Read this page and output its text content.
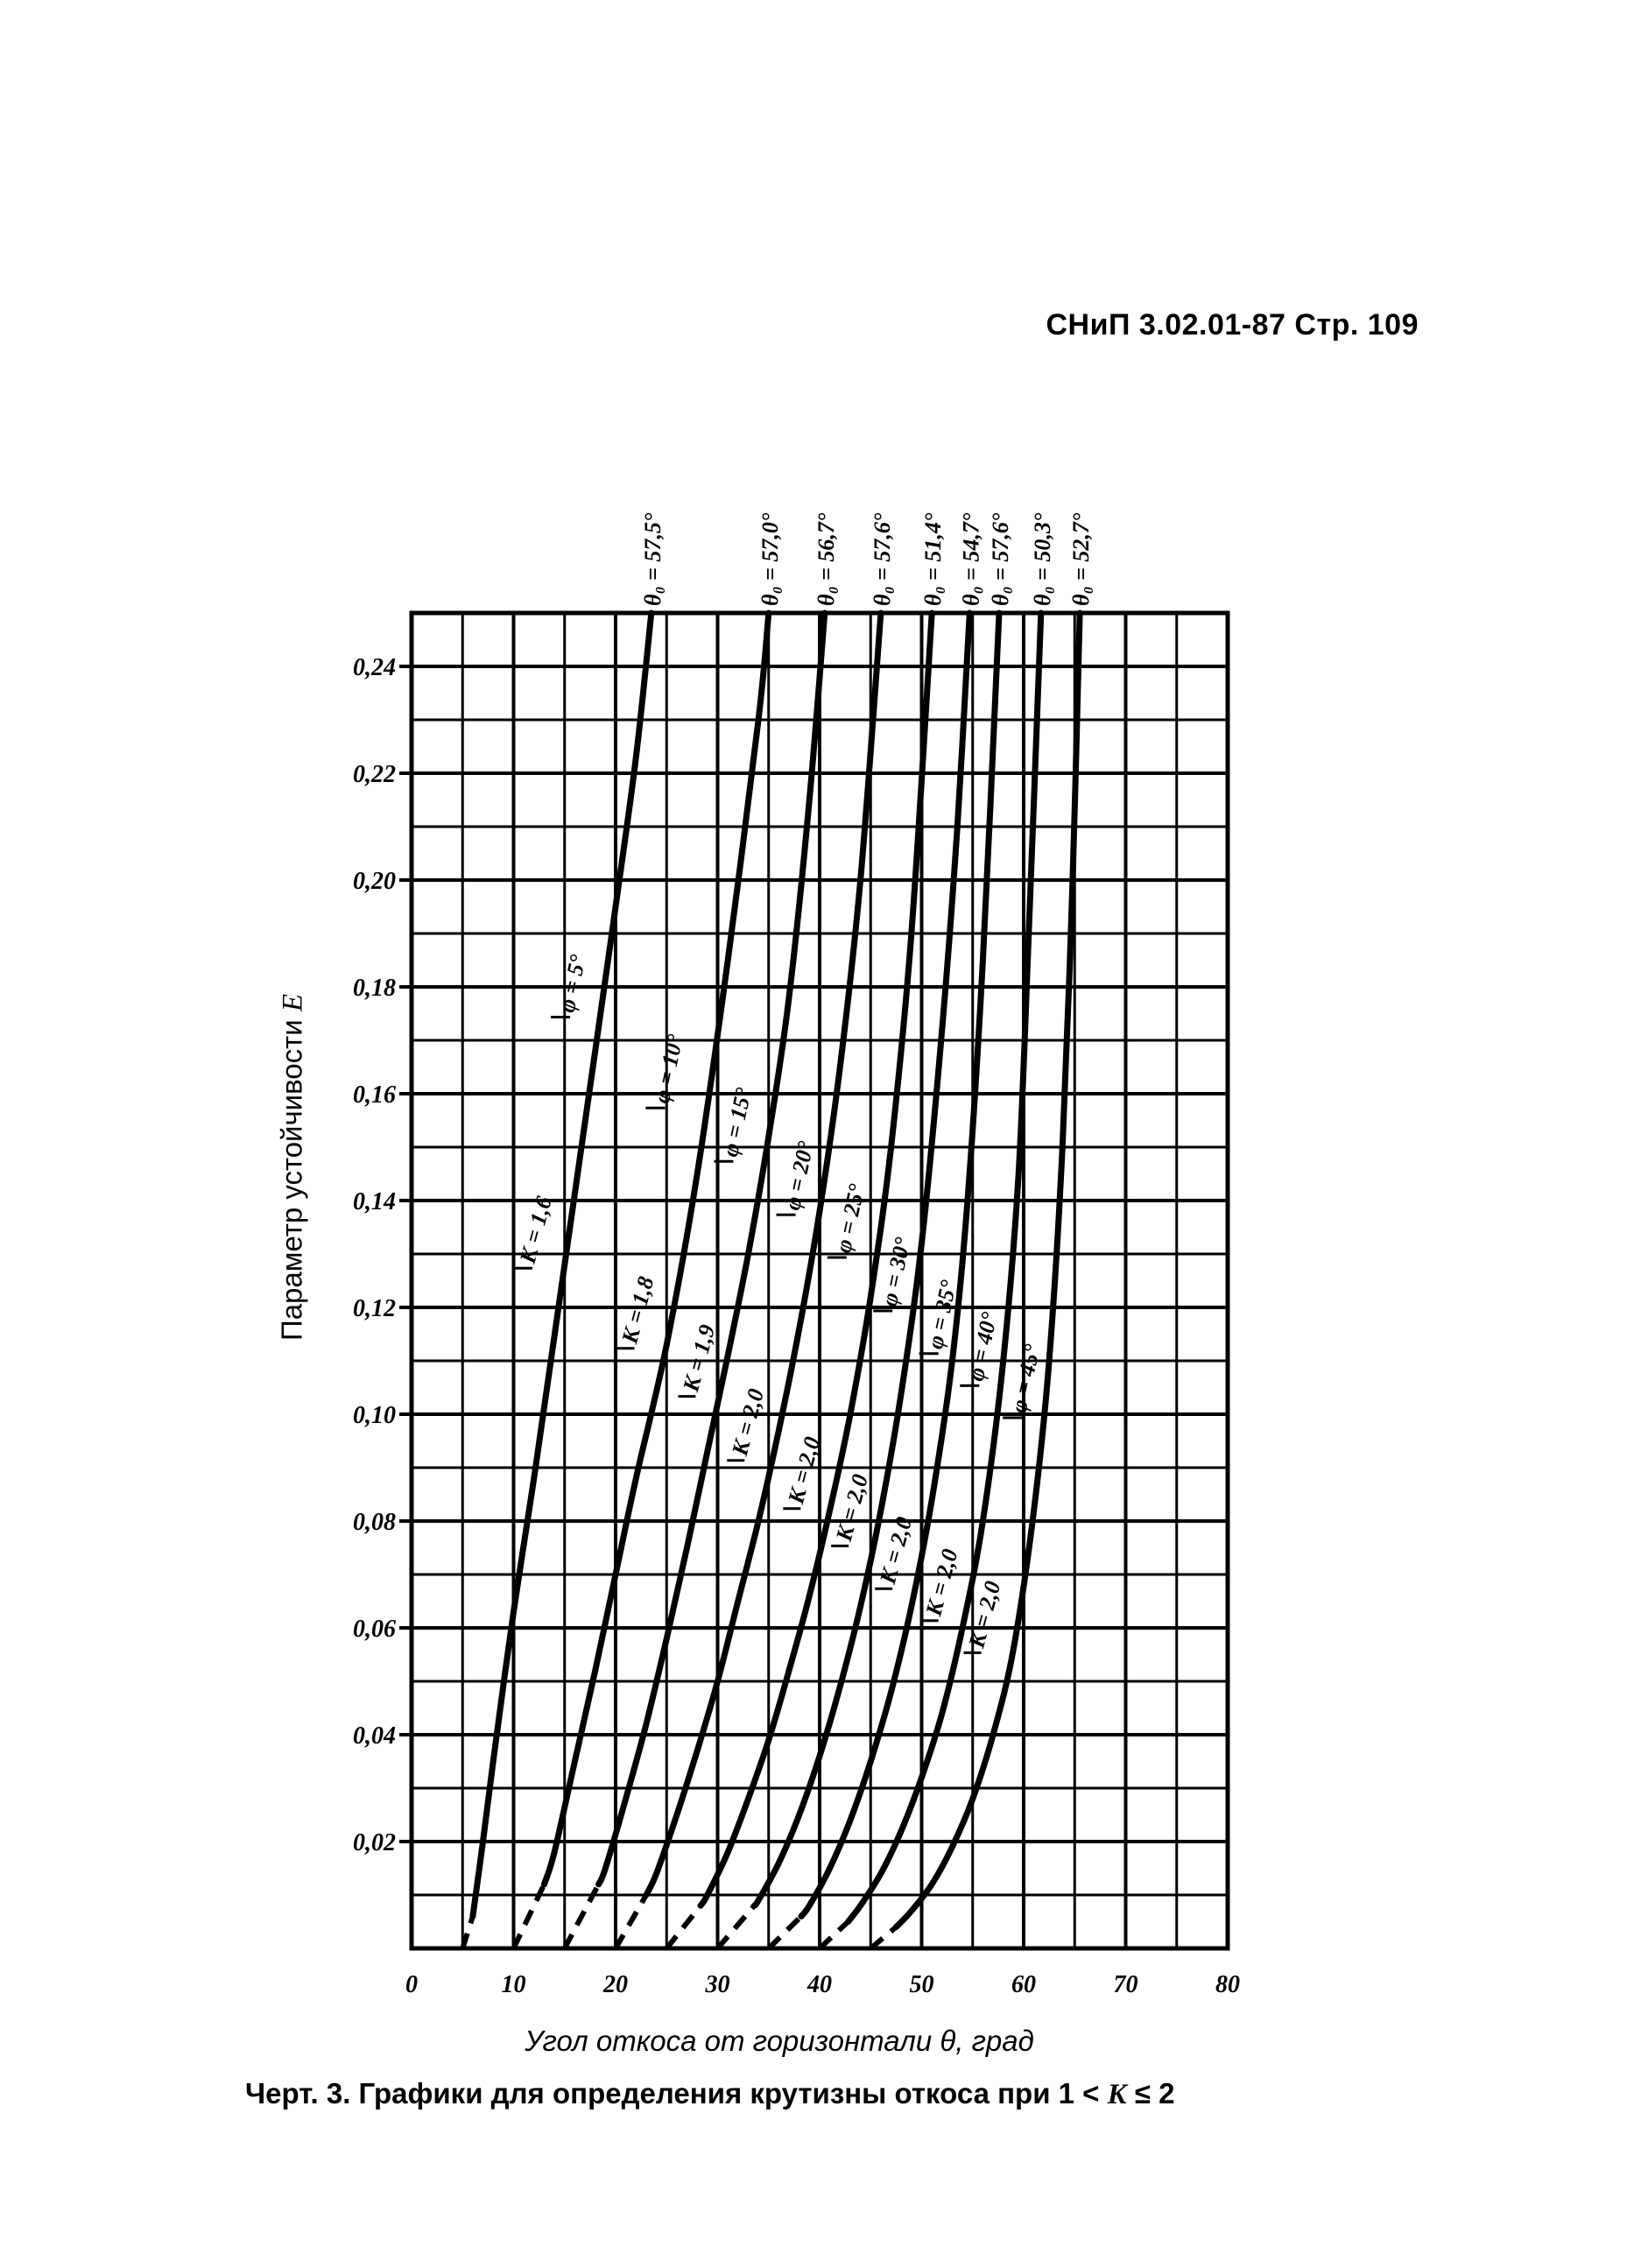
СНиП 3.02.01-87 Стр. 109
θ₀ = 57,5°
φ = 5°
K = 1,6
θ₀ = 57,0°
φ = 10°
K = 1,8
θ₀ = 56,7°
φ = 15°
K = 1,9
θ₀ = 57,6°
φ = 20°
K = 2,0
θ₀ = 51,4°
φ = 25°
K = 2,0
θ₀ = 54,7°
φ = 30°
K = 2,0
θ₀ = 57,6°
φ = 35°
K = 2,0
θ₀ = 50,3°
φ = 40°
K = 2,0
θ₀ = 52,7°
φ = 45°
K = 2,0
0,02
0,04
0,06
0,08
0,10
0,12
0,14
0,16
0,18
0,20
0,22
0,24
0	10	20	30	40	50	60	70	80
Параметр устойчивости E
Угол откоса от горизонтали θ, град
Черт. 3. Графики для определения крутизны откоса при 1 < K ≤ 2
